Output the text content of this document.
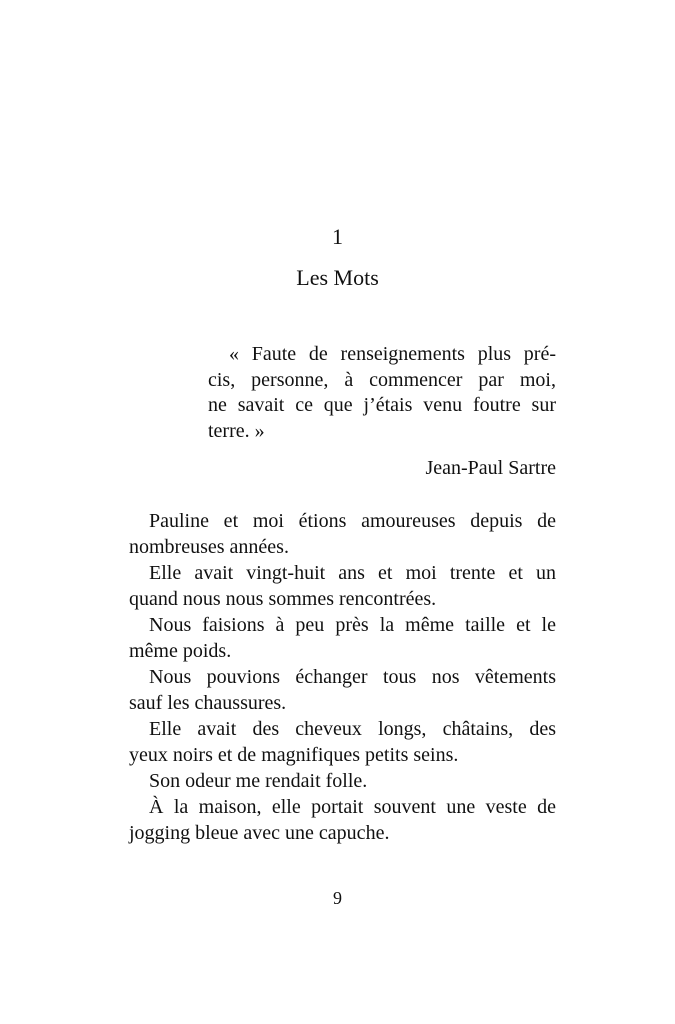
1
Les Mots
« Faute de renseignements plus pré-
cis, personne, à commencer par moi,
ne savait ce que j’étais venu foutre sur
terre. »
Jean-Paul Sartre
Pauline et moi étions amoureuses depuis de
nombreuses années.
Elle avait vingt-huit ans et moi trente et un
quand nous nous sommes rencontrées.
Nous faisions à peu près la même taille et le
même poids.
Nous pouvions échanger tous nos vêtements
sauf les chaussures.
Elle avait des cheveux longs, châtains, des
yeux noirs et de magnifiques petits seins.
Son odeur me rendait folle.
À la maison, elle portait souvent une veste de
jogging bleue avec une capuche.
9
